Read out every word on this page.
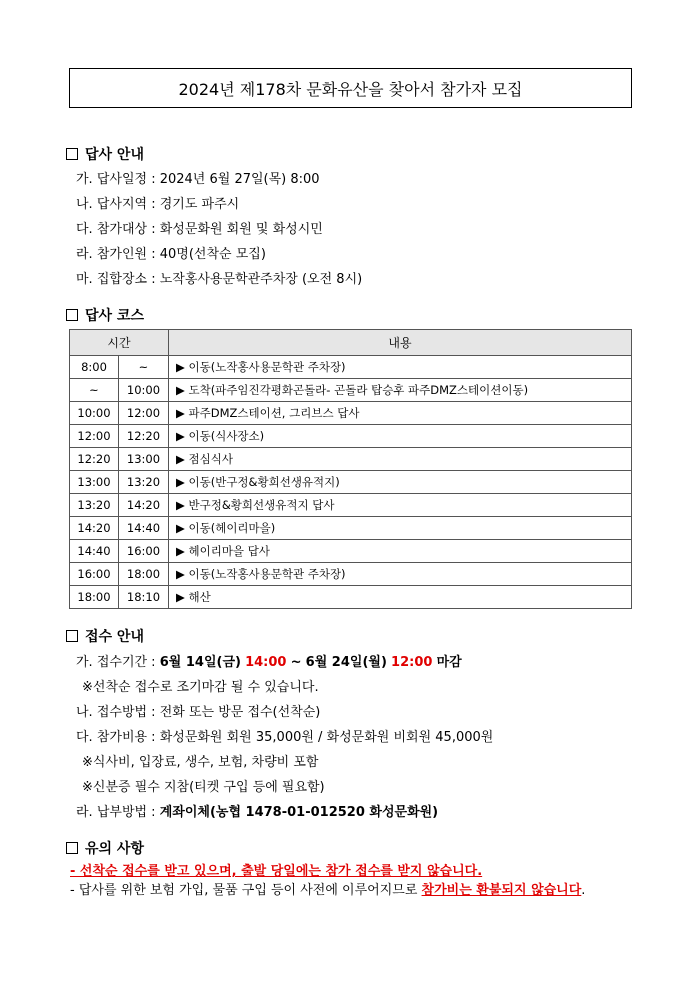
2024년 제178차 문화유산을 찾아서 참가자 모집
답사 안내
가. 답사일정 : 2024년 6월 27일(목) 8:00
나. 답사지역 : 경기도 파주시
다. 참가대상 : 화성문화원 회원 및 화성시민
라. 참가인원 : 40명(선착순 모집)
마. 집합장소 : 노작홍사용문학관주차장 (오전 8시)
답사 코스
시간		내용
8:00	~	▶ 이동(노작홍사용문학관 주차장)
~	10:00	▶ 도착(파주임진각평화곤돌라- 곤돌라 탑승후 파주DMZ스테이션이동)
10:00	12:00	▶ 파주DMZ스테이션, 그리브스 답사
12:00	12:20	▶ 이동(식사장소)
12:20	13:00	▶ 점심식사
13:00	13:20	▶ 이동(반구정&황희선생유적지)
13:20	14:20	▶ 반구정&황희선생유적지 답사
14:20	14:40	▶ 이동(헤이리마을)
14:40	16:00	▶ 헤이리마을 답사
16:00	18:00	▶ 이동(노작홍사용문학관 주차장)
18:00	18:10	▶ 해산
접수 안내
가. 접수기간 : 6월 14일(금) 14:00 ~ 6월 24일(월) 12:00 마감
※선착순 접수로 조기마감 될 수 있습니다.
나. 접수방법 : 전화 또는 방문 접수(선착순)
다. 참가비용 : 화성문화원 회원 35,000원 / 화성문화원 비회원 45,000원
※식사비, 입장료, 생수, 보험, 차량비 포함
※신분증 필수 지참(티켓 구입 등에 필요함)
라. 납부방법 : 계좌이체(농협 1478-01-012520 화성문화원)
유의 사항
- 선착순 접수를 받고 있으며, 출발 당일에는 참가 접수를 받지 않습니다.
- 답사를 위한 보험 가입, 물품 구입 등이 사전에 이루어지므로 참가비는 환불되지 않습니다.
